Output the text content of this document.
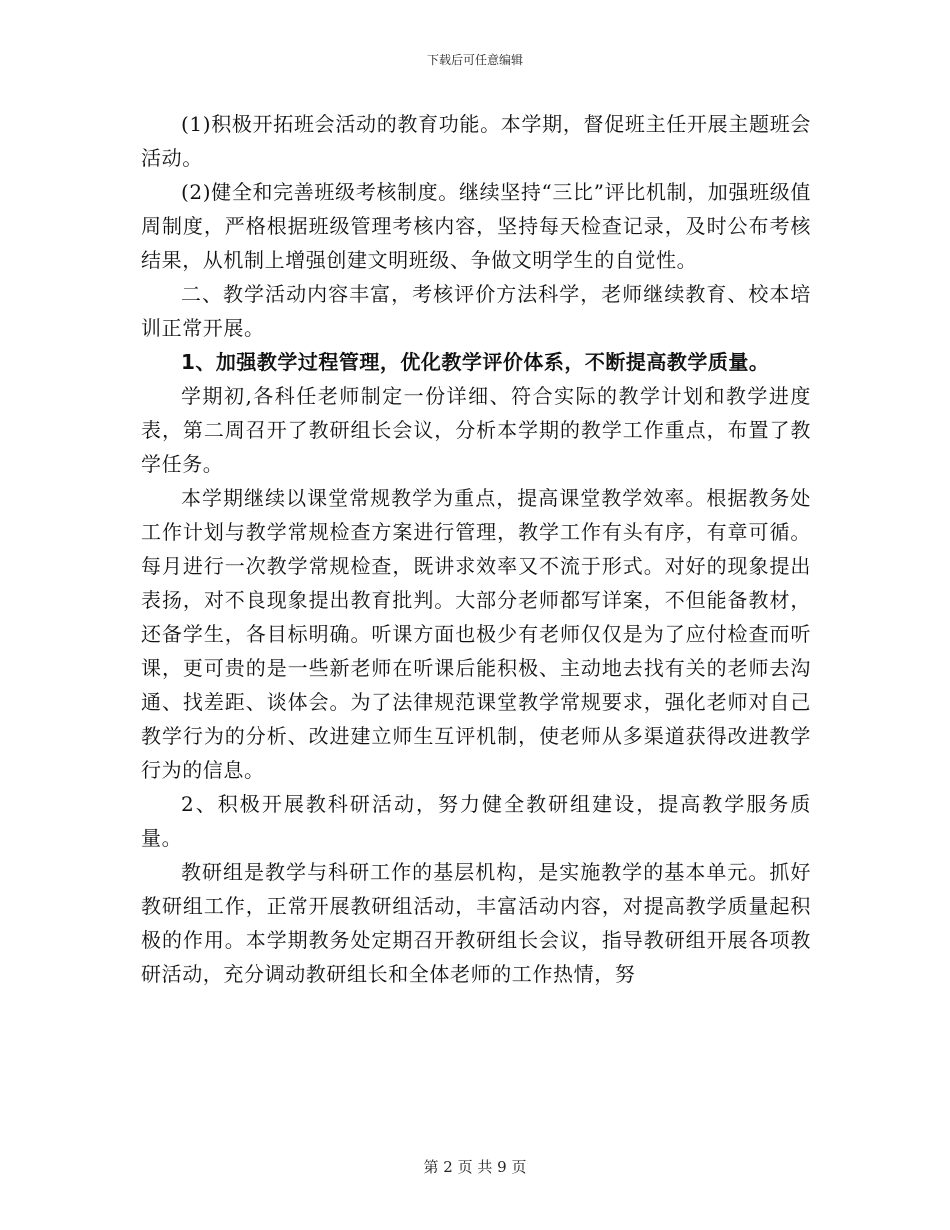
下载后可任意编辑

(1)积极开拓班会活动的教育功能。本学期，督促班主任开展主题班会活动。

(2)健全和完善班级考核制度。继续坚持“三比”评比机制，加强班级值周制度，严格根据班级管理考核内容，坚持每天检查记录，及时公布考核结果，从机制上增强创建文明班级、争做文明学生的自觉性。

二、教学活动内容丰富，考核评价方法科学，老师继续教育、校本培训正常开展。

1、加强教学过程管理，优化教学评价体系，不断提高教学质量。

学期初,各科任老师制定一份详细、符合实际的教学计划和教学进度表，第二周召开了教研组长会议，分析本学期的教学工作重点，布置了教学任务。

本学期继续以课堂常规教学为重点，提高课堂教学效率。根据教务处工作计划与教学常规检查方案进行管理，教学工作有头有序，有章可循。每月进行一次教学常规检查，既讲求效率又不流于形式。对好的现象提出表扬，对不良现象提出教育批判。大部分老师都写详案，不但能备教材，还备学生，各目标明确。听课方面也极少有老师仅仅是为了应付检查而听课，更可贵的是一些新老师在听课后能积极、主动地去找有关的老师去沟通、找差距、谈体会。为了法律规范课堂教学常规要求，强化老师对自己教学行为的分析、改进建立师生互评机制，使老师从多渠道获得改进教学行为的信息。

2、积极开展教科研活动，努力健全教研组建设，提高教学服务质量。

教研组是教学与科研工作的基层机构，是实施教学的基本单元。抓好教研组工作，正常开展教研组活动，丰富活动内容，对提高教学质量起积极的作用。本学期教务处定期召开教研组长会议，指导教研组开展各项教研活动，充分调动教研组长和全体老师的工作热情，努

第 2 页 共 9 页
